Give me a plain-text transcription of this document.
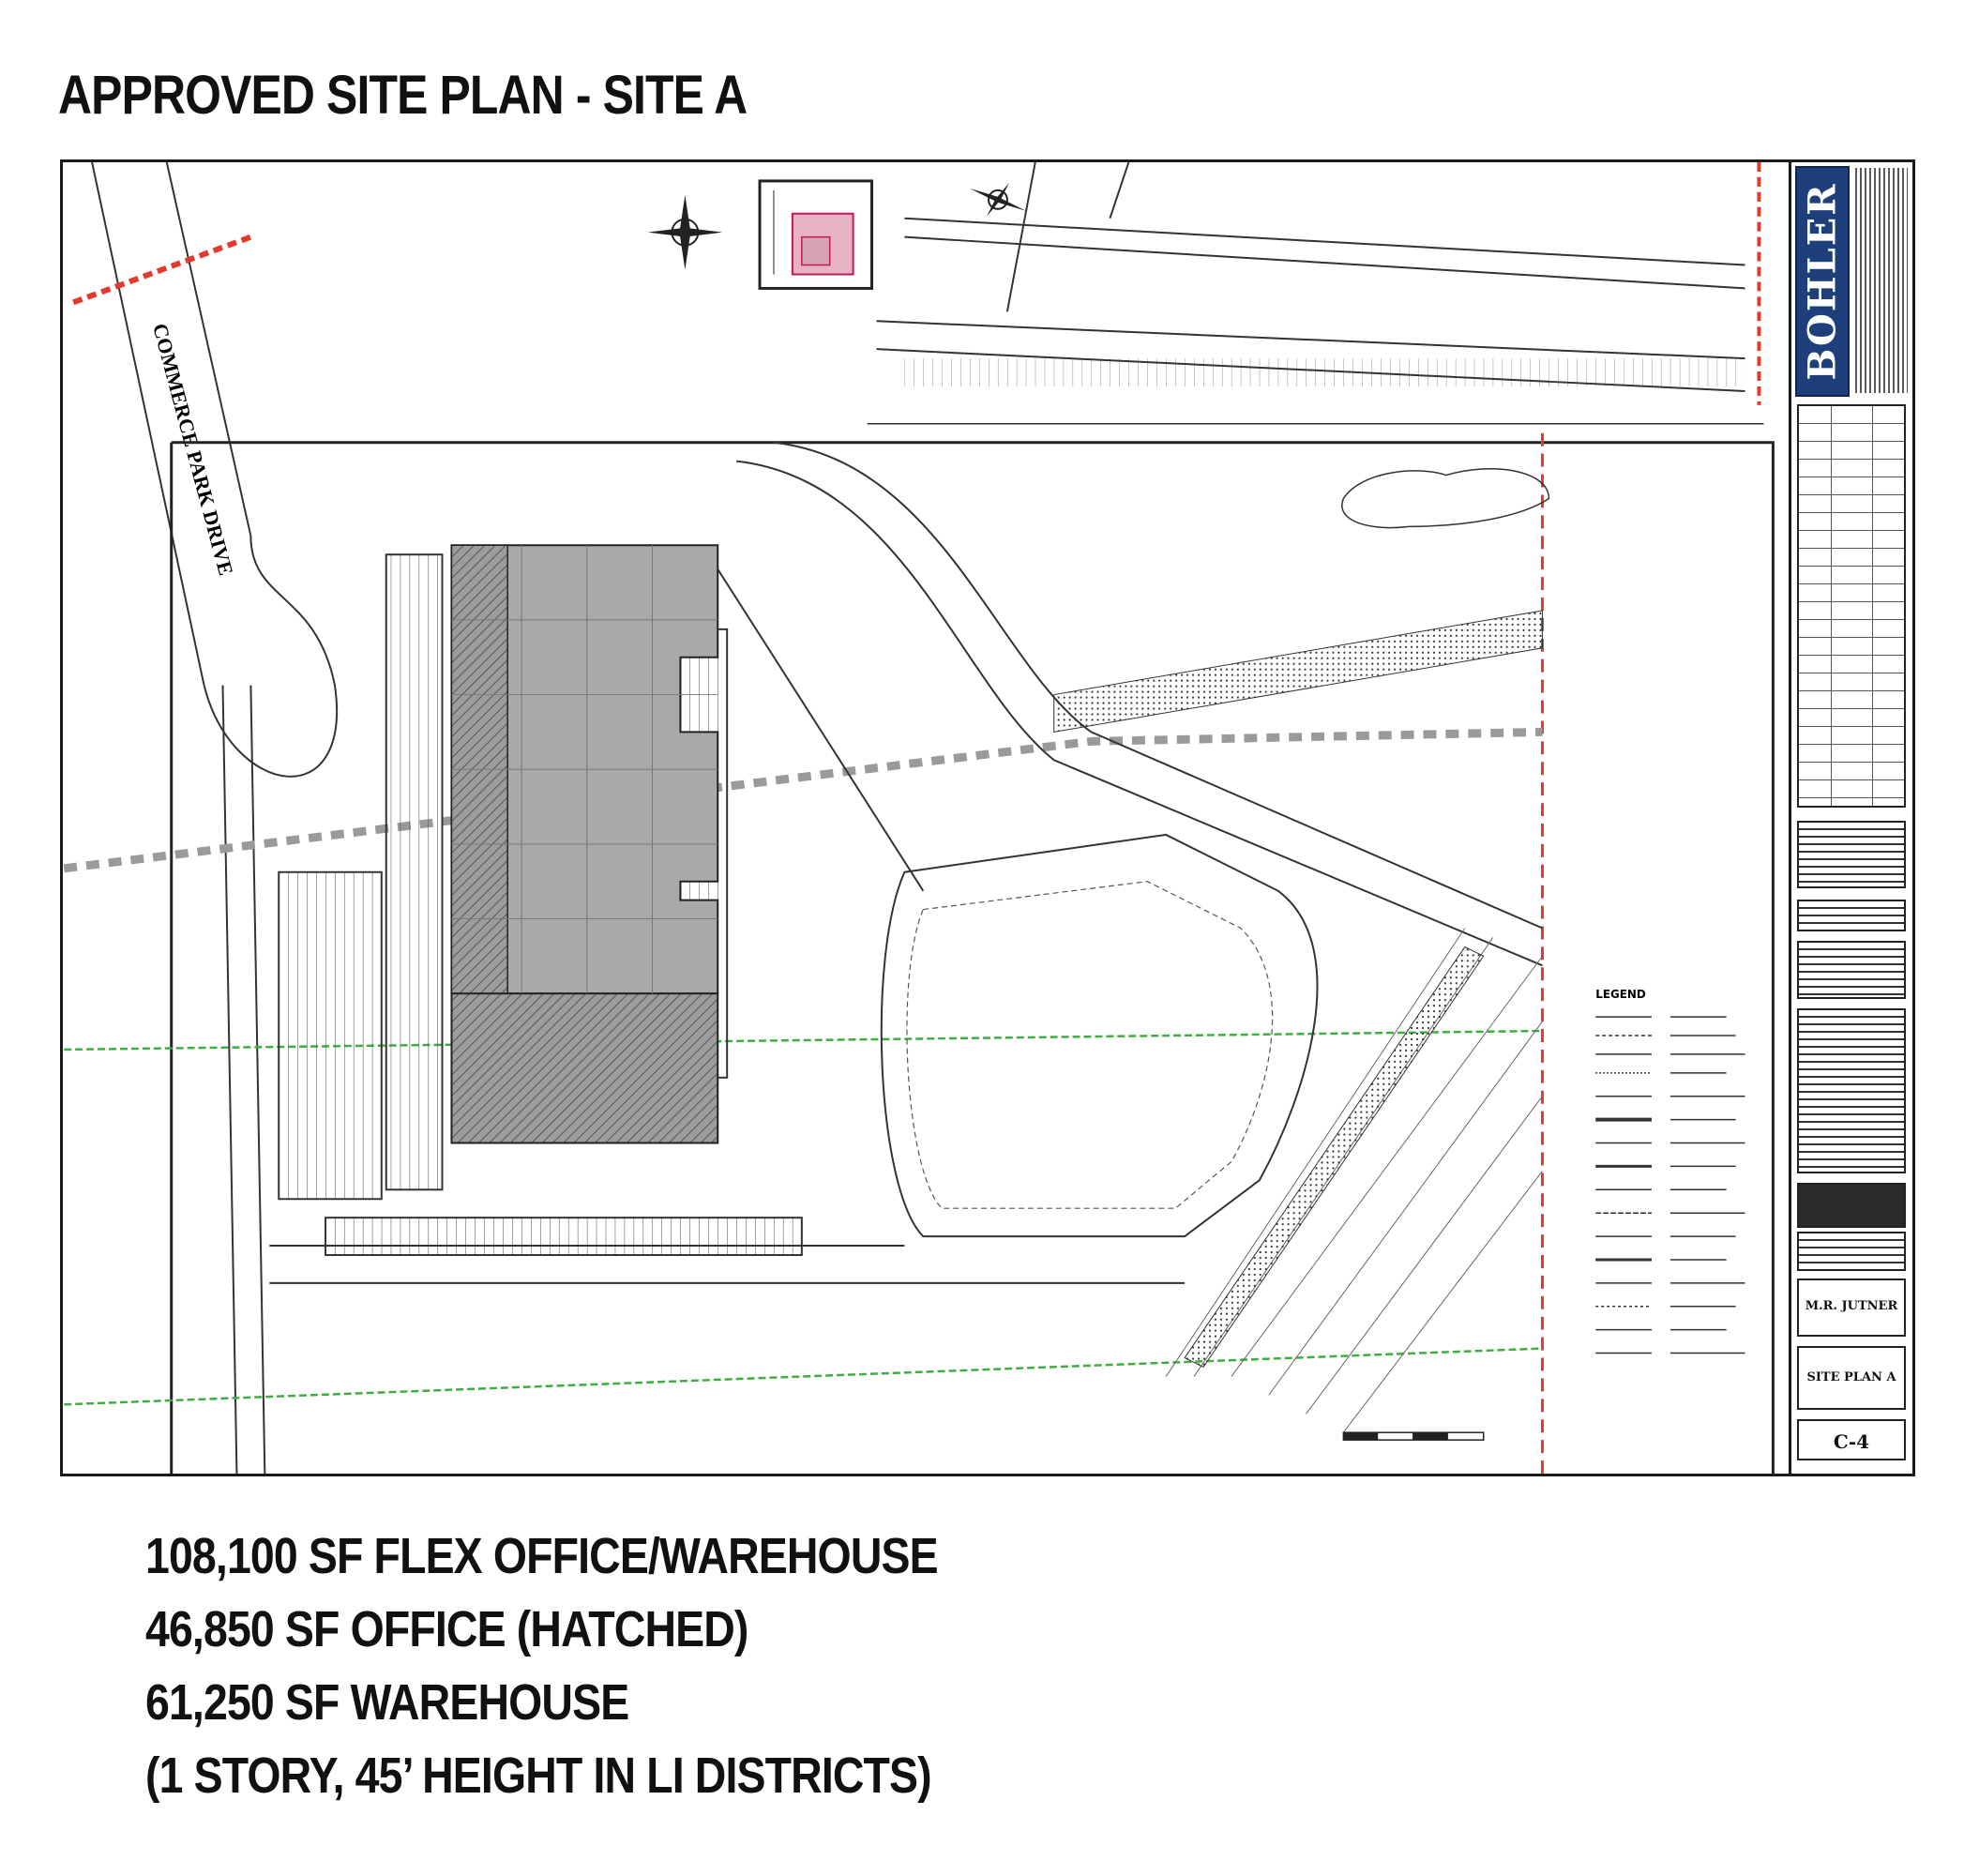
APPROVED SITE PLAN - SITE A
COMMERCE PARK DRIVE
LEGEND
BOHLER
M.R. JUTNER
SITE PLAN A
C-4
108,100 SF FLEX OFFICE/WAREHOUSE
46,850 SF OFFICE (HATCHED)
61,250 SF WAREHOUSE
(1 STORY, 45’ HEIGHT IN LI DISTRICTS)
